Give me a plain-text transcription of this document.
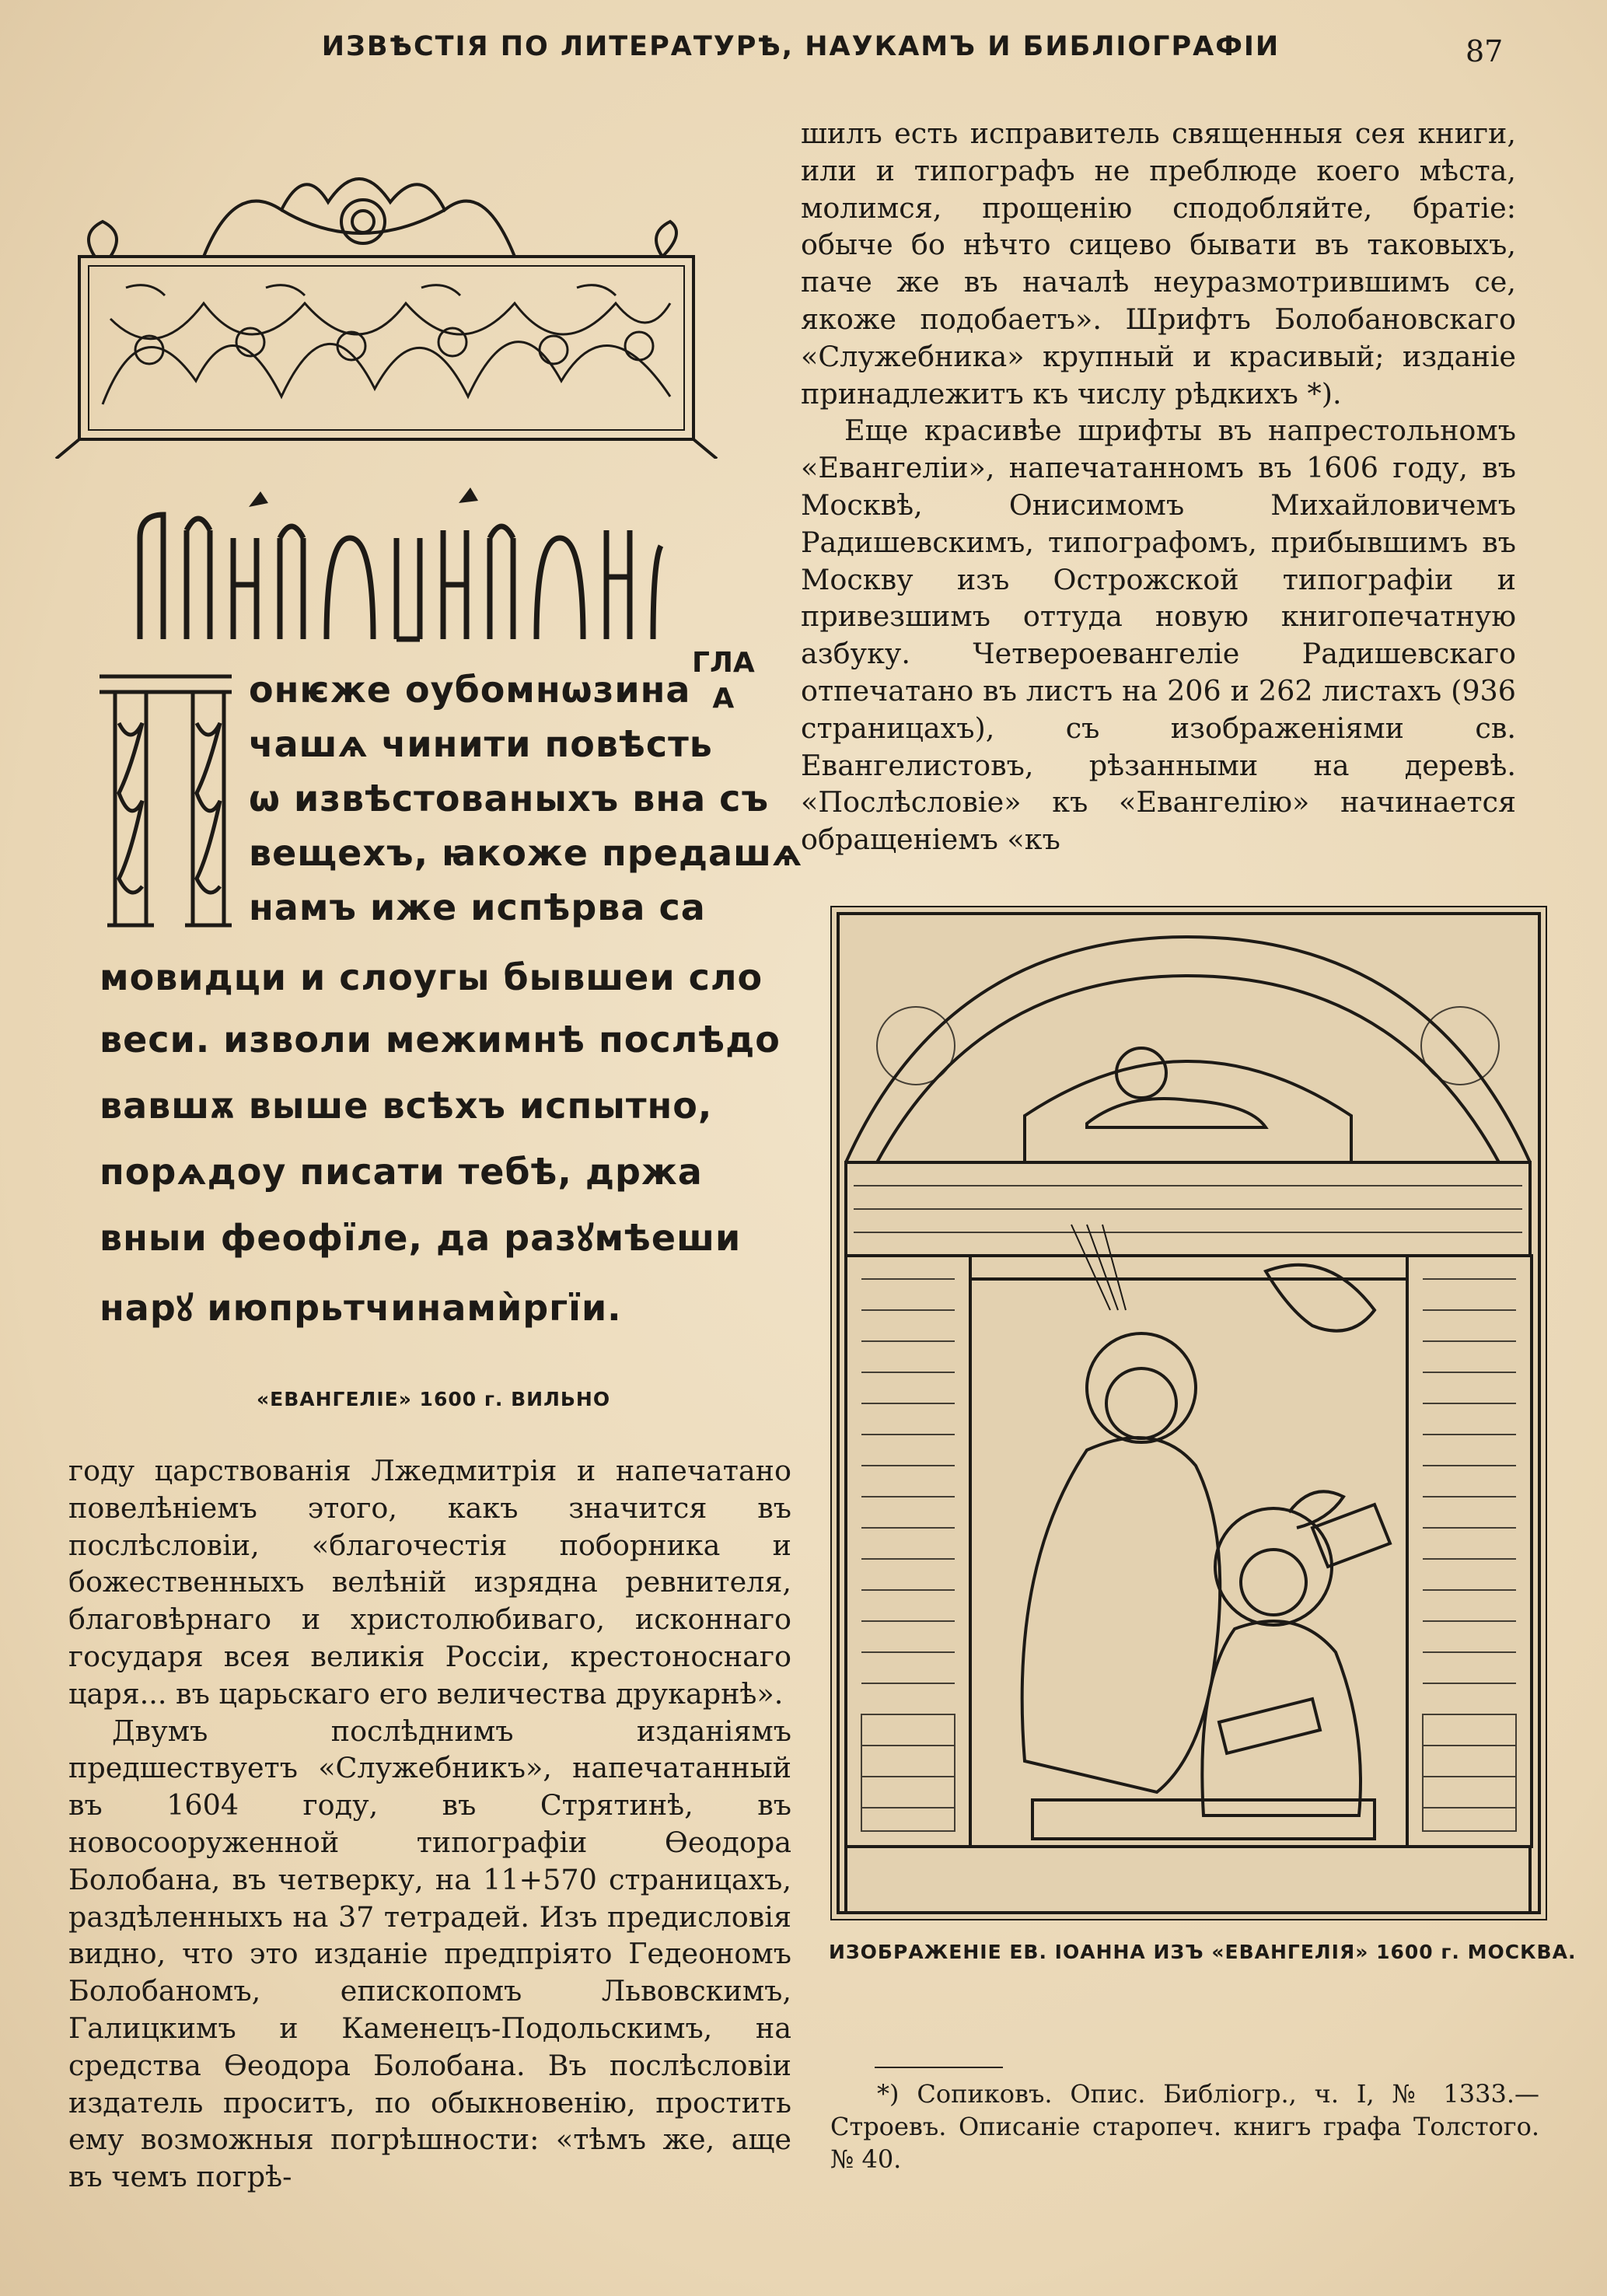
ИЗВѢСТІЯ ПО ЛИТЕРАТУРѢ, НАУКАМЪ И БИБЛІОГРАФІИ	87
онѥже оубомнѡзинa
чашѧ чинити повѣсть
ѡ извѣстованыхъ вна съ
вещехъ, ꙗкоже предашѧ
намъ иже испѣрва са
мовидци и слоугы бывшеи сло
веси. изволи межимнѣ послѣдо
вавшѫ выше всѣхъ испытно,
порѧдоу писати тебѣ, држа
вныи феофїле, да разꙋмѣеши
нарꙋ июпрьтчинамѝргїи.
ГЛА
А
«ЕВАНГЕЛІЕ» 1600 г. ВИЛЬНО

шилъ есть исправитель священныя сея книги, или и типографъ не преблюде коего мѣста, молимся, прощенію сподобляйте, братіе: обыче бо нѣчто сицево бывати въ таковыхъ, паче же въ началѣ неуразмотрившимъ се, якоже подобаетъ». Шрифтъ Болобановскаго «Служебника» крупный и красивый; изданіе принадлежитъ къ числу рѣдкихъ *).

Еще красивѣе шрифты въ напрестольномъ «Евангеліи», напечатанномъ въ 1606 году, въ Москвѣ, Онисимомъ Михайловичемъ Радишевскимъ, типографомъ, прибывшимъ въ Москву изъ Острожской типографіи и привезшимъ оттуда новую книгопечатную азбуку. Четвероевангеліе Радишевскаго отпечатано въ листъ на 206 и 262 листахъ (936 страницахъ), съ изображеніями св. Евангелистовъ, рѣзанными на деревѣ. «Послѣсловіе» къ «Евангелію» начинается обращеніемъ «къ

ИЗОБРАЖЕНІЕ ЕВ. ІОАННА ИЗЪ «ЕВАНГЕЛІЯ» 1600 г. МОСКВА.

году царствованія Лжедмитрія и напечатано повелѣніемъ этого, какъ значится въ послѣсловіи, «благочестія поборника и божественныхъ велѣній изрядна ревнителя, благовѣрнаго и христолюбиваго, исконнаго государя всея великія Россіи, крестоноснаго царя... въ царьскаго его величества друкарнѣ».

Двумъ послѣднимъ изданіямъ предшествуетъ «Служебникъ», напечатанный въ 1604 году, въ Стрятинѣ, въ новосооруженной типографіи Ѳеодора Болобана, въ четверку, на 11+570 страницахъ, раздѣленныхъ на 37 тетрадей. Изъ предисловія видно, что это изданіе предпріято Гедеономъ Болобаномъ, епископомъ Львовскимъ, Галицкимъ и Каменецъ-Подольскимъ, на средства Ѳеодора Болобана. Въ послѣсловіи издатель проситъ, по обыкновенію, простить ему возможныя погрѣшности: «тѣмъ же, аще въ чемъ погрѣ-

*) Сопиковъ. Опис. Библіогр., ч. I, № 1333.— Строевъ. Описаніе старопеч. книгъ графа Толстого. № 40.
